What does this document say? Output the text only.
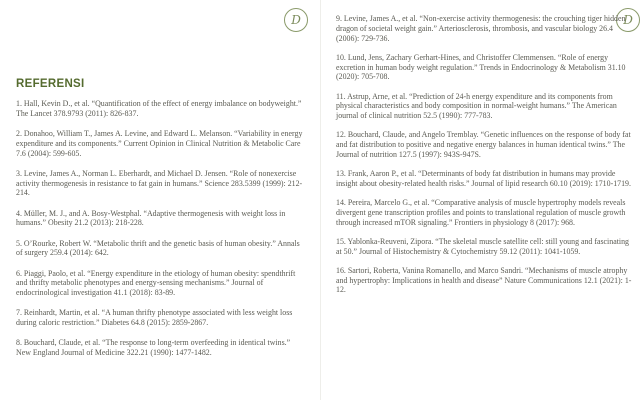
D
REFERENSI
1. Hall, Kevin D., et al. “Quantification of the effect of energy imbalance on bodyweight.” The Lancet 378.9793 (2011): 826-837.
2. Donahoo, William T., James A. Levine, and Edward L. Melanson. “Variability in energy expenditure and its components.” Current Opinion in Clinical Nutrition & Metabolic Care 7.6 (2004): 599-605.
3. Levine, James A., Norman L. Eberhardt, and Michael D. Jensen. “Role of nonexercise activity thermogenesis in resistance to fat gain in humans.” Science 283.5399 (1999): 212-214.
4. Müller, M. J., and A. Bosy-Westphal. “Adaptive thermogenesis with weight loss in humans.” Obesity 21.2 (2013): 218-228.
5. O’Rourke, Robert W. “Metabolic thrift and the genetic basis of human obesity.” Annals of surgery 259.4 (2014): 642.
6. Piaggi, Paolo, et al. “Energy expenditure in the etiology of human obesity: spendthrift and thrifty metabolic phenotypes and energy-sensing mechanisms.” Journal of endocrinological investigation 41.1 (2018): 83-89.
7. Reinhardt, Martin, et al. “A human thrifty phenotype associated with less weight loss during caloric restriction.” Diabetes 64.8 (2015): 2859-2867.
8. Bouchard, Claude, et al. “The response to long-term overfeeding in identical twins.” New England Journal of Medicine 322.21 (1990): 1477-1482.
D
9. Levine, James A., et al. “Non-exercise activity thermogenesis: the crouching tiger hidden dragon of societal weight gain.” Arteriosclerosis, thrombosis, and vascular biology 26.4 (2006): 729-736.
10. Lund, Jens, Zachary Gerhart-Hines, and Christoffer Clemmensen. “Role of energy excretion in human body weight regulation.” Trends in Endocrinology & Metabolism 31.10 (2020): 705-708.
11. Astrup, Arne, et al. “Prediction of 24-h energy expenditure and its components from physical characteristics and body composition in normal-weight humans.” The American journal of clinical nutrition 52.5 (1990): 777-783.
12. Bouchard, Claude, and Angelo Tremblay. “Genetic influences on the response of body fat and fat distribution to positive and negative energy balances in human identical twins.” The Journal of nutrition 127.5 (1997): 943S-947S.
13. Frank, Aaron P., et al. “Determinants of body fat distribution in humans may provide insight about obesity-related health risks.” Journal of lipid research 60.10 (2019): 1710-1719.
14. Pereira, Marcelo G., et al. “Comparative analysis of muscle hypertrophy models reveals divergent gene transcription profiles and points to translational regulation of muscle growth through increased mTOR signaling.” Frontiers in physiology 8 (2017): 968.
15. Yablonka-Reuveni, Zipora. “The skeletal muscle satellite cell: still young and fascinating at 50.” Journal of Histochemistry & Cytochemistry 59.12 (2011): 1041-1059.
16. Sartori, Roberta, Vanina Romanello, and Marco Sandri. “Mechanisms of muscle atrophy and hypertrophy: Implications in health and disease” Nature Communications 12.1 (2021): 1-12.
